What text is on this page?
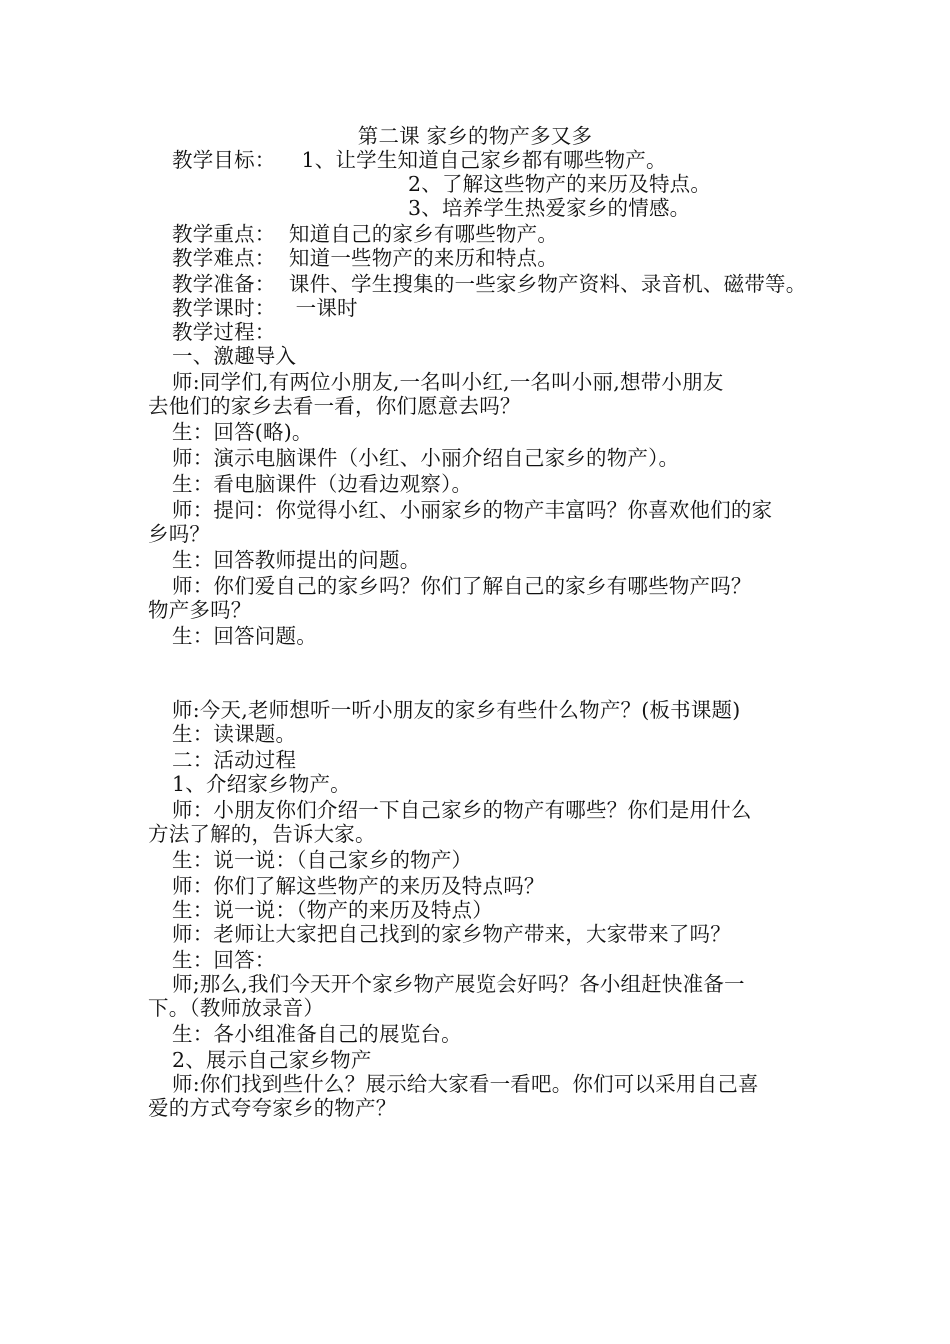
第二课 家乡的物产多又多
教学目标： 1、让学生知道自己家乡都有哪些物产。
2、了解这些物产的来历及特点。
3、培养学生热爱家乡的情感。
教学重点：  知道自己的家乡有哪些物产。
教学难点：  知道一些物产的来历和特点。
教学准备：  课件、学生搜集的一些家乡物产资料、录音机、磁带等。
教学课时：   一课时
教学过程：
一、激趣导入
师:同学们,有两位小朋友,一名叫小红,一名叫小丽,想带小朋友
去他们的家乡去看一看，你们愿意去吗？
生：回答(略)。
师：演示电脑课件（小红、小丽介绍自己家乡的物产）。
生：看电脑课件（边看边观察）。
师：提问：你觉得小红、小丽家乡的物产丰富吗？你喜欢他们的家
乡吗？
生：回答教师提出的问题。
师：你们爱自己的家乡吗？你们了解自己的家乡有哪些物产吗？
物产多吗？
生：回答问题。
师:今天,老师想听一听小朋友的家乡有些什么物产？(板书课题)
生：读课题。
二：活动过程
1、介绍家乡物产。
师：小朋友你们介绍一下自己家乡的物产有哪些？你们是用什么
方法了解的，告诉大家。
生：说一说：（自己家乡的物产）
师：你们了解这些物产的来历及特点吗？
生：说一说：（物产的来历及特点）
师：老师让大家把自己找到的家乡物产带来，大家带来了吗？
生：回答：
师;那么,我们今天开个家乡物产展览会好吗？各小组赶快准备一
下。（教师放录音）
生：各小组准备自己的展览台。
2、展示自己家乡物产
师:你们找到些什么？展示给大家看一看吧。你们可以采用自己喜
爱的方式夸夸家乡的物产？
